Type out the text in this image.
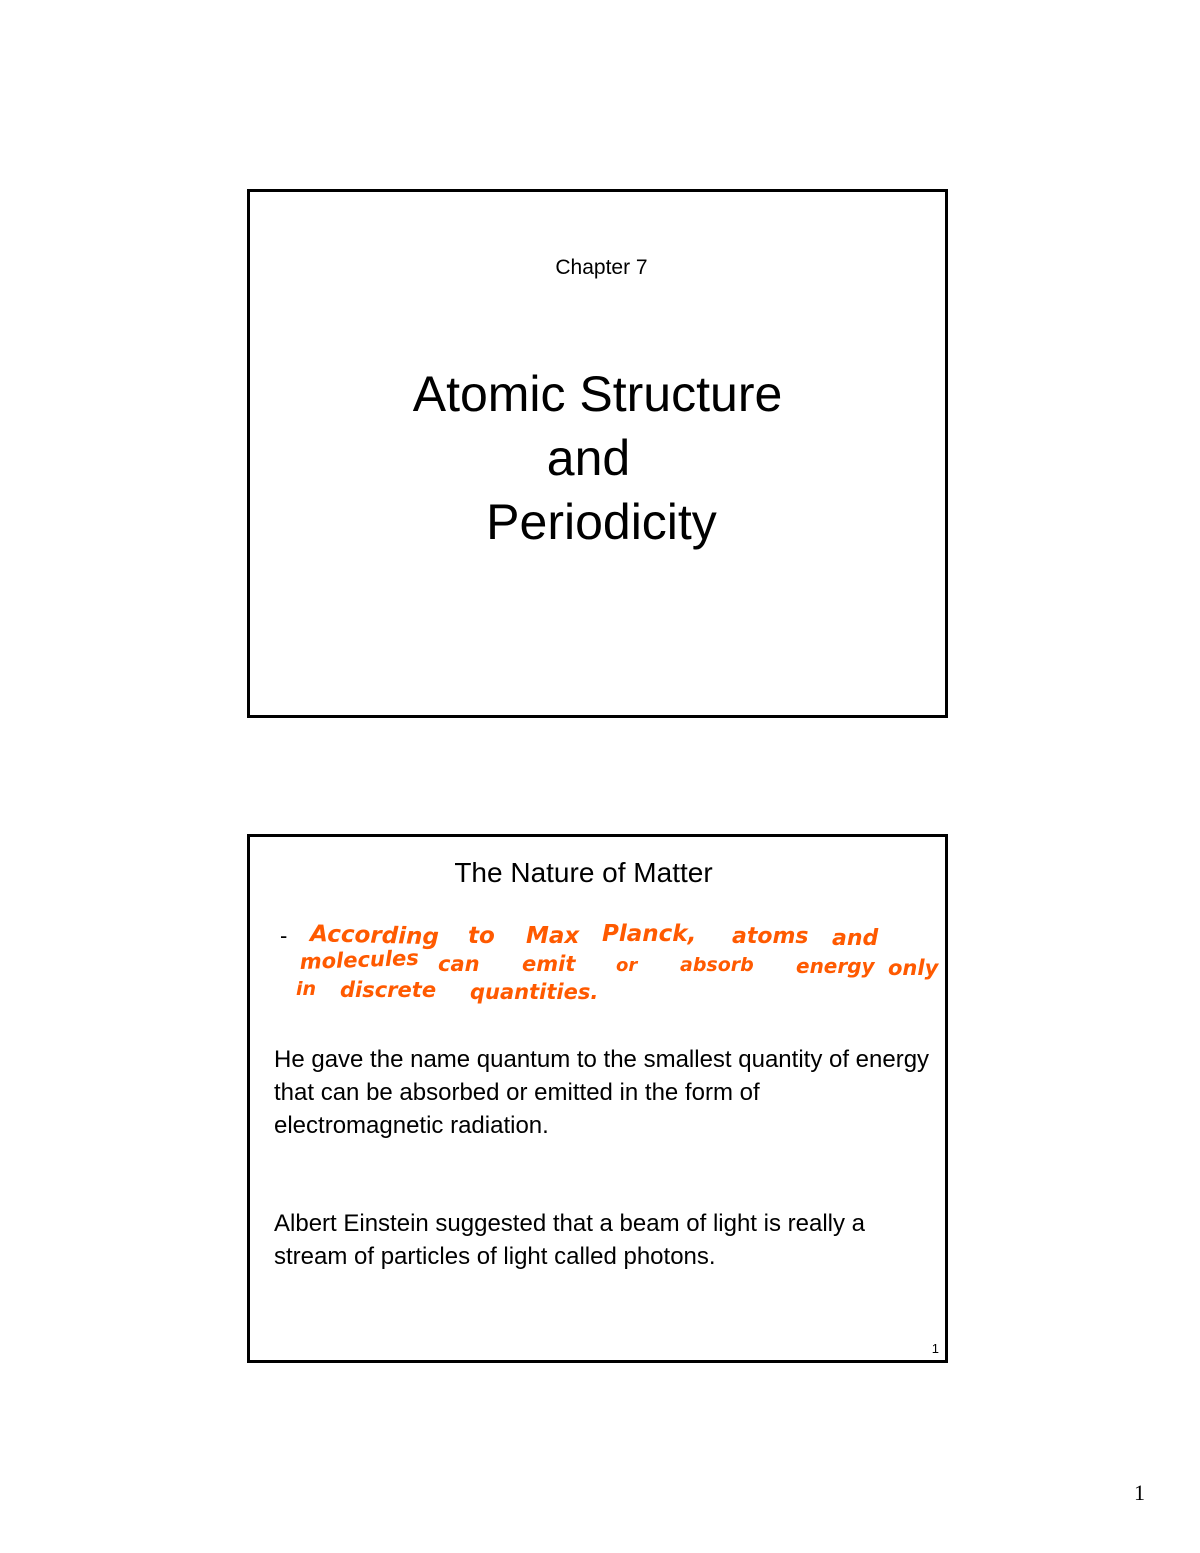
Chapter 7
Atomic Structure
and
Periodicity
The Nature of Matter
- According to Max Planck, atoms and
molecules can emit or absorb energy only
in discrete quantities.
He gave the name quantum to the smallest quantity of energy that can be absorbed or emitted in the form of electromagnetic radiation.
Albert Einstein suggested that a beam of light is really a stream of particles of light called photons.
1
1
